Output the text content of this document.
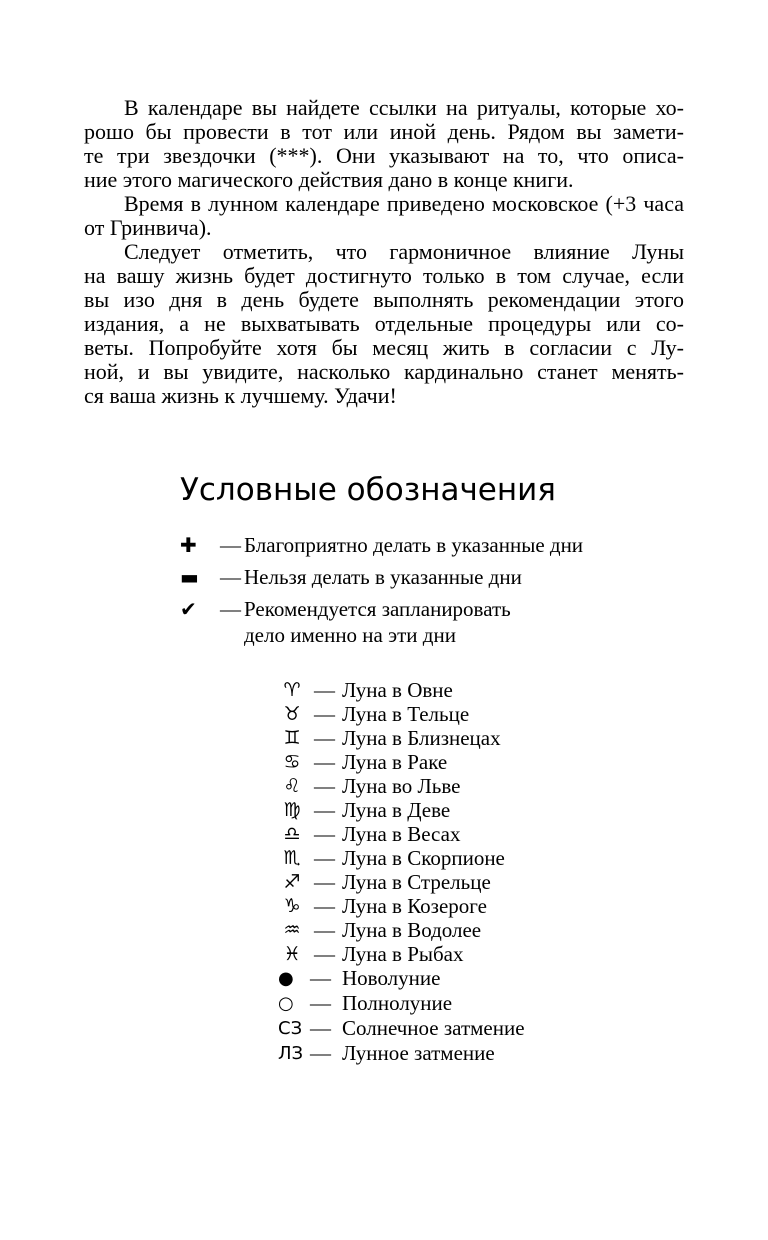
В календаре вы найдете ссылки на ритуалы, которые хо-
рошо бы провести в тот или иной день. Рядом вы замети-
те три звездочки (***). Они указывают на то, что описа-
ние этого магического действия дано в конце книги.

Время в лунном календаре приведено московское (+3 часа
от Гринвича).

Следует отметить, что гармоничное влияние Луны
на вашу жизнь будет достигнуто только в том случае, если
вы изо дня в день будете выполнять рекомендации этого
издания, а не выхватывать отдельные процедуры или со-
веты. Попробуйте хотя бы месяц жить в согласии с Лу-
ной, и вы увидите, насколько кардинально станет менять-
ся ваша жизнь к лучшему. Удачи!

Условные обозначения
✚	— Благоприятно делать в указанные дни
▬ — Нельзя делать в указанные дни
✔	— Рекомендуется запланировать
дело именно на эти дни
♈ — Луна в Овне
♉ — Луна в Тельце
♊ — Луна в Близнецах
♋ — Луна в Раке
♌ — Луна во Льве
♍ — Луна в Деве
♎ — Луна в Весах
♏ — Луна в Скорпионе
♐ — Луна в Стрельце
♑ — Луна в Козероге
♒ — Луна в Водолее
♓ — Луна в Рыбах
● — Новолуние
○ — Полнолуние
СЗ — Солнечное затмение
ЛЗ — Лунное затмение
